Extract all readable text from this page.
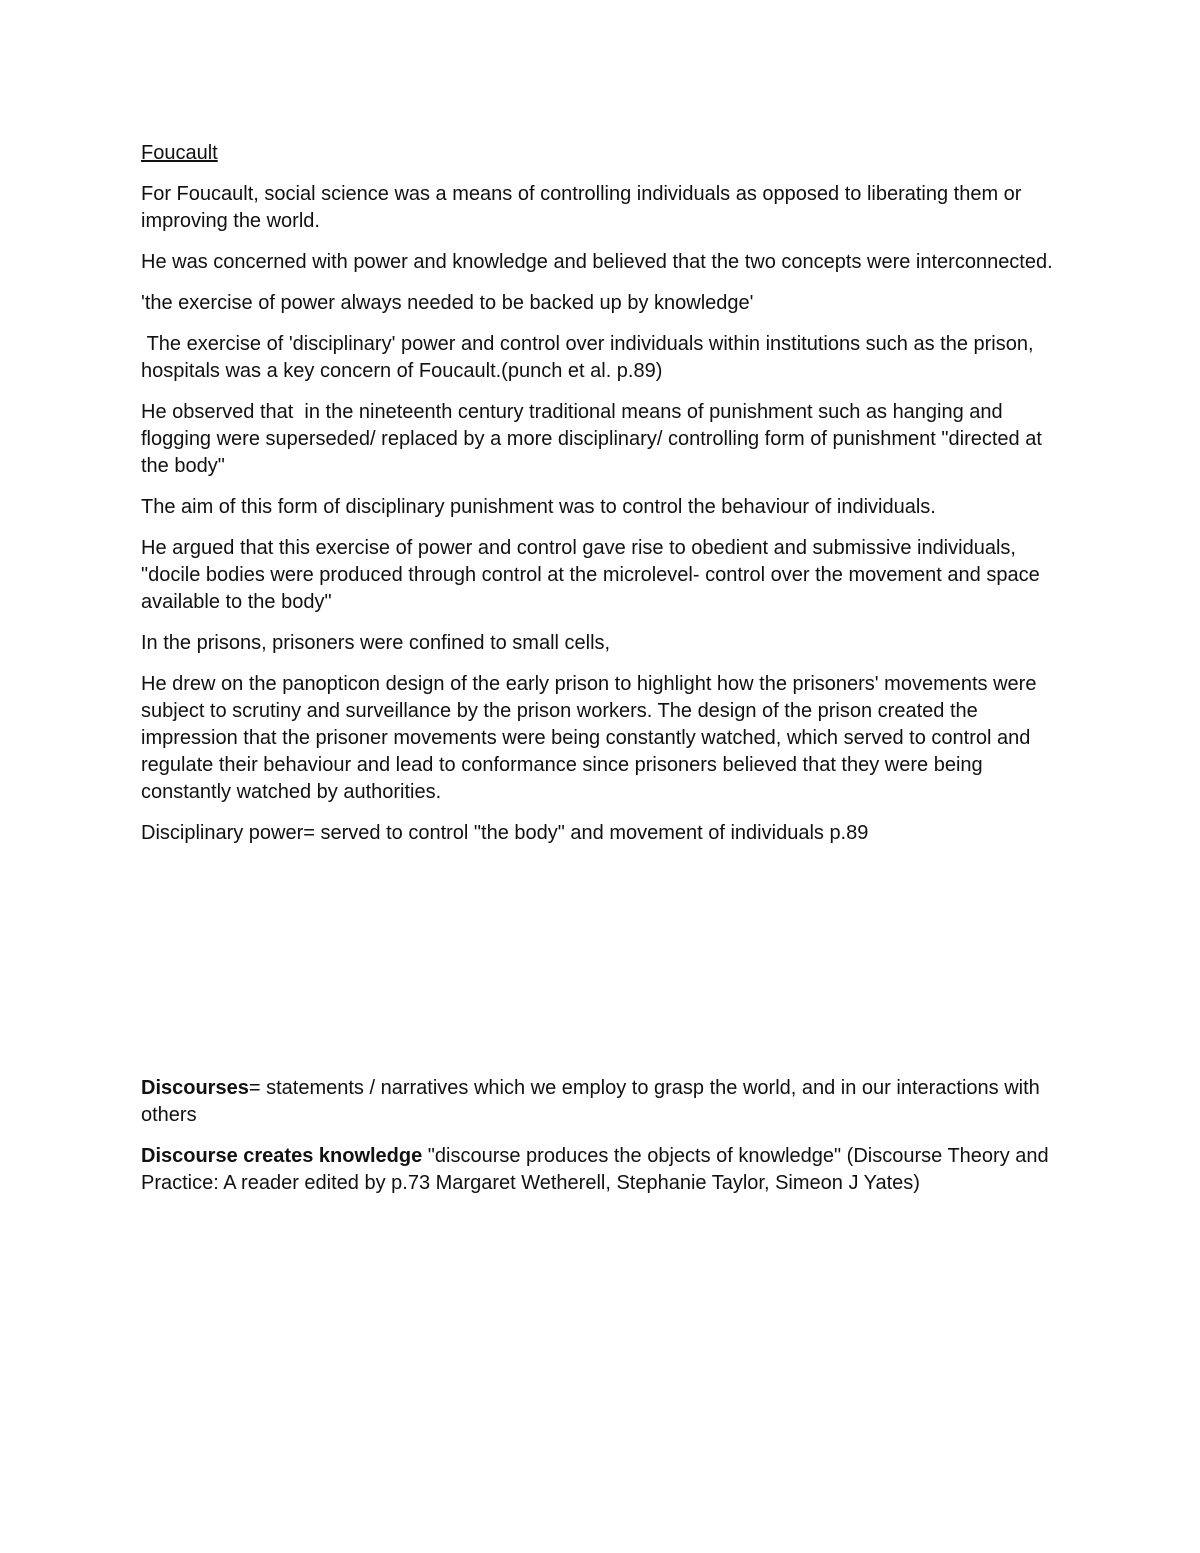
Foucault

For Foucault, social science was a means of controlling individuals as opposed to liberating them or improving the world.

He was concerned with power and knowledge and believed that the two concepts were interconnected.

'the exercise of power always needed to be backed up by knowledge'

The exercise of 'disciplinary' power and control over individuals within institutions such as the prison, hospitals was a key concern of Foucault.(punch et al. p.89)

He observed that  in the nineteenth century traditional means of punishment such as hanging and flogging were superseded/ replaced by a more disciplinary/ controlling form of punishment "directed at the body"

The aim of this form of disciplinary punishment was to control the behaviour of individuals.

He argued that this exercise of power and control gave rise to obedient and submissive individuals,  "docile bodies were produced through control at the microlevel- control over the movement and space available to the body"

In the prisons, prisoners were confined to small cells,

He drew on the panopticon design of the early prison to highlight how the prisoners' movements were subject to scrutiny and surveillance by the prison workers. The design of the prison created the impression that the prisoner movements were being constantly watched, which served to control and regulate their behaviour and lead to conformance since prisoners believed that they were being constantly watched by authorities.

Disciplinary power= served to control "the body" and movement of individuals p.89

Discourses= statements / narratives which we employ to grasp the world, and in our interactions with others

Discourse creates knowledge "discourse produces the objects of knowledge" (Discourse Theory and Practice: A reader edited by p.73 Margaret Wetherell, Stephanie Taylor, Simeon J Yates)
